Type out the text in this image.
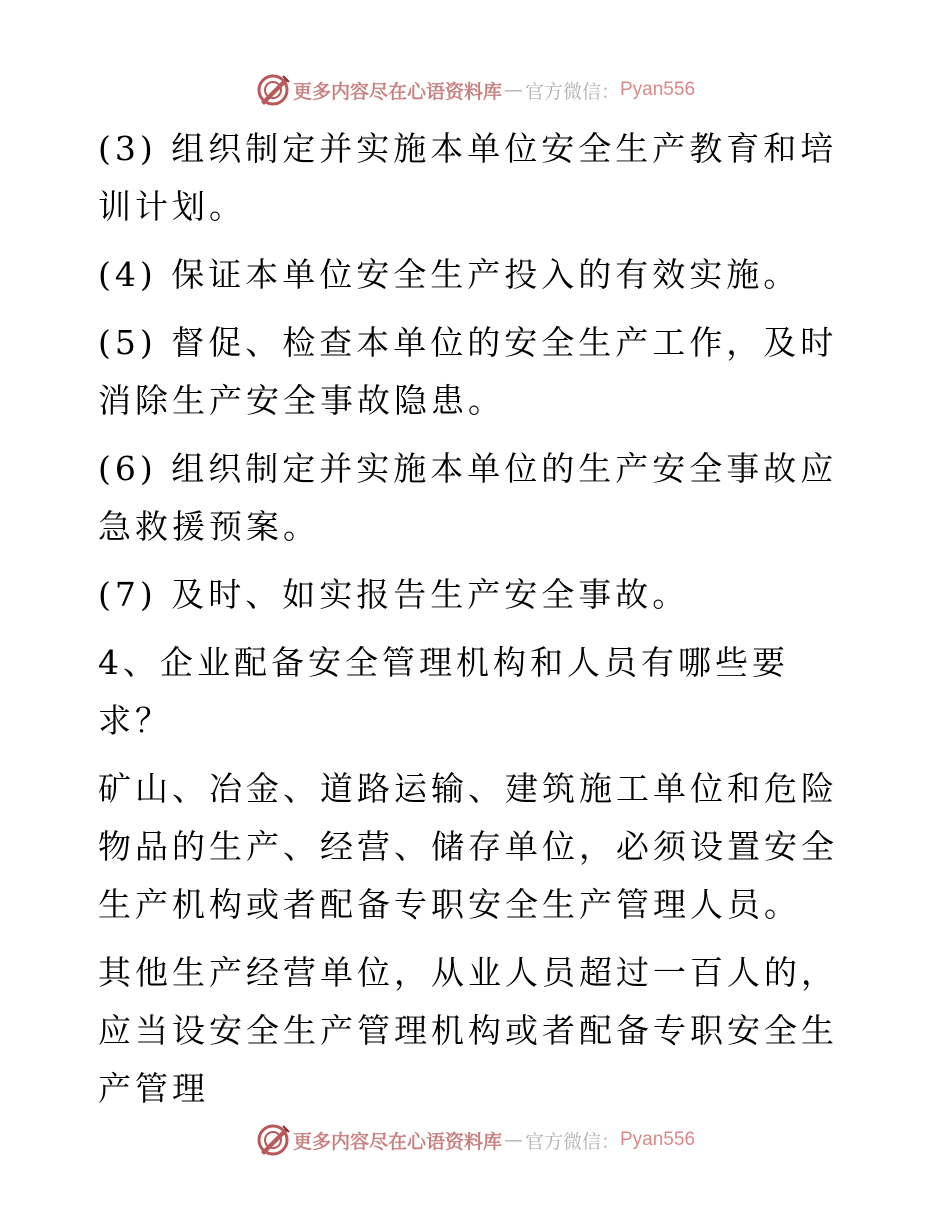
更多内容尽在心语资料库 — 官方微信： Pyan556

(3) 组织制定并实施本单位安全生产教育和培训计划。

(4) 保证本单位安全生产投入的有效实施。

(5) 督促、检查本单位的安全生产工作，及时消除生产安全事故隐患。

(6) 组织制定并实施本单位的生产安全事故应急救援预案。

(7) 及时、如实报告生产安全事故。

4、企业配备安全管理机构和人员有哪些要求？

矿山、冶金、道路运输、建筑施工单位和危险物品的生产、经营、储存单位，必须设置安全生产机构或者配备专职安全生产管理人员。

其他生产经营单位，从业人员超过一百人的，应当设安全生产管理机构或者配备专职安全生产管理

更多内容尽在心语资料库 — 官方微信： Pyan556
